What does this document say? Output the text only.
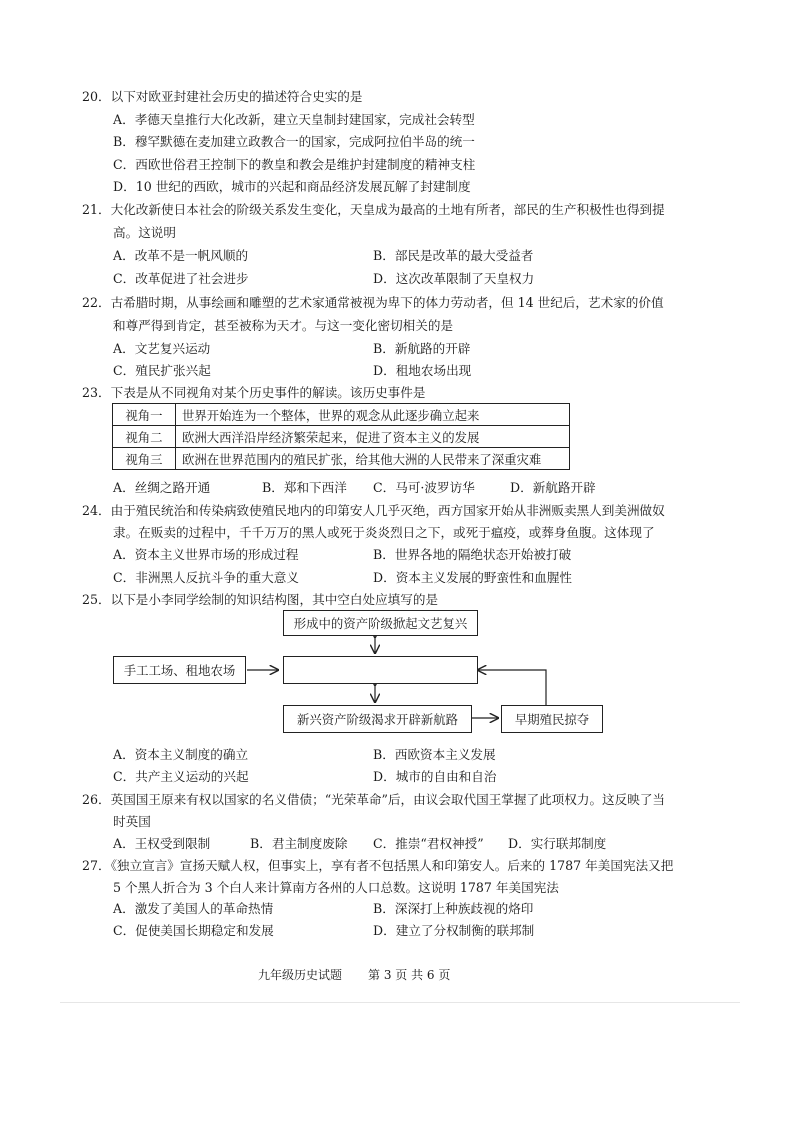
20．以下对欧亚封建社会历史的描述符合史实的是
A．孝德天皇推行大化改新，建立天皇制封建国家，完成社会转型
B．穆罕默德在麦加建立政教合一的国家，完成阿拉伯半岛的统一
C．西欧世俗君王控制下的教皇和教会是维护封建制度的精神支柱
D．10 世纪的西欧，城市的兴起和商品经济发展瓦解了封建制度
21．大化改新使日本社会的阶级关系发生变化，天皇成为最高的土地有所者，部民的生产积极性也得到提
高。这说明
A．改革不是一帆风顺的	B．部民是改革的最大受益者
C．改革促进了社会进步	D．这次改革限制了天皇权力
22．古希腊时期，从事绘画和雕塑的艺术家通常被视为卑下的体力劳动者，但 14 世纪后，艺术家的价值
和尊严得到肯定，甚至被称为天才。与这一变化密切相关的是
A．文艺复兴运动	B．新航路的开辟
C．殖民扩张兴起	D．租地农场出现
23．下表是从不同视角对某个历史事件的解读。该历史事件是
视角一	世界开始连为一个整体，世界的观念从此逐步确立起来
视角二	欧洲大西洋沿岸经济繁荣起来，促进了资本主义的发展
视角三	欧洲在世界范围内的殖民扩张，给其他大洲的人民带来了深重灾难
A．丝绸之路开通	B．郑和下西洋 C．马可·波罗访华	D．新航路开辟
24．由于殖民统治和传染病致使殖民地内的印第安人几乎灭绝，西方国家开始从非洲贩卖黑人到美洲做奴
隶。在贩卖的过程中，千千万万的黑人或死于炎炎烈日之下，或死于瘟疫，或葬身鱼腹。这体现了
A．资本主义世界市场的形成过程	B．世界各地的隔绝状态开始被打破
C．非洲黑人反抗斗争的重大意义	D．资本主义发展的野蛮性和血腥性
25．以下是小李同学绘制的知识结构图，其中空白处应填写的是
形成中的资产阶级掀起文艺复兴
手工工场、租地农场
新兴资产阶级渴求开辟新航路	早期殖民掠夺
A．资本主义制度的确立	B．西欧资本主义发展
C．共产主义运动的兴起	D．城市的自由和自治
26．英国国王原来有权以国家的名义借债；“光荣革命”后，由议会取代国王掌握了此项权力。这反映了当
时英国
A．王权受到限制	B．君主制度废除 C．推崇“君权神授” D．实行联邦制度
27．《独立宣言》宣扬天赋人权，但事实上，享有者不包括黑人和印第安人。后来的 1787 年美国宪法又把
5 个黑人折合为 3 个白人来计算南方各州的人口总数。这说明 1787 年美国宪法
A．激发了美国人的革命热情	B．深深打上种族歧视的烙印
C．促使美国长期稳定和发展	D．建立了分权制衡的联邦制
九年级历史试题 第 3 页 共 6 页
